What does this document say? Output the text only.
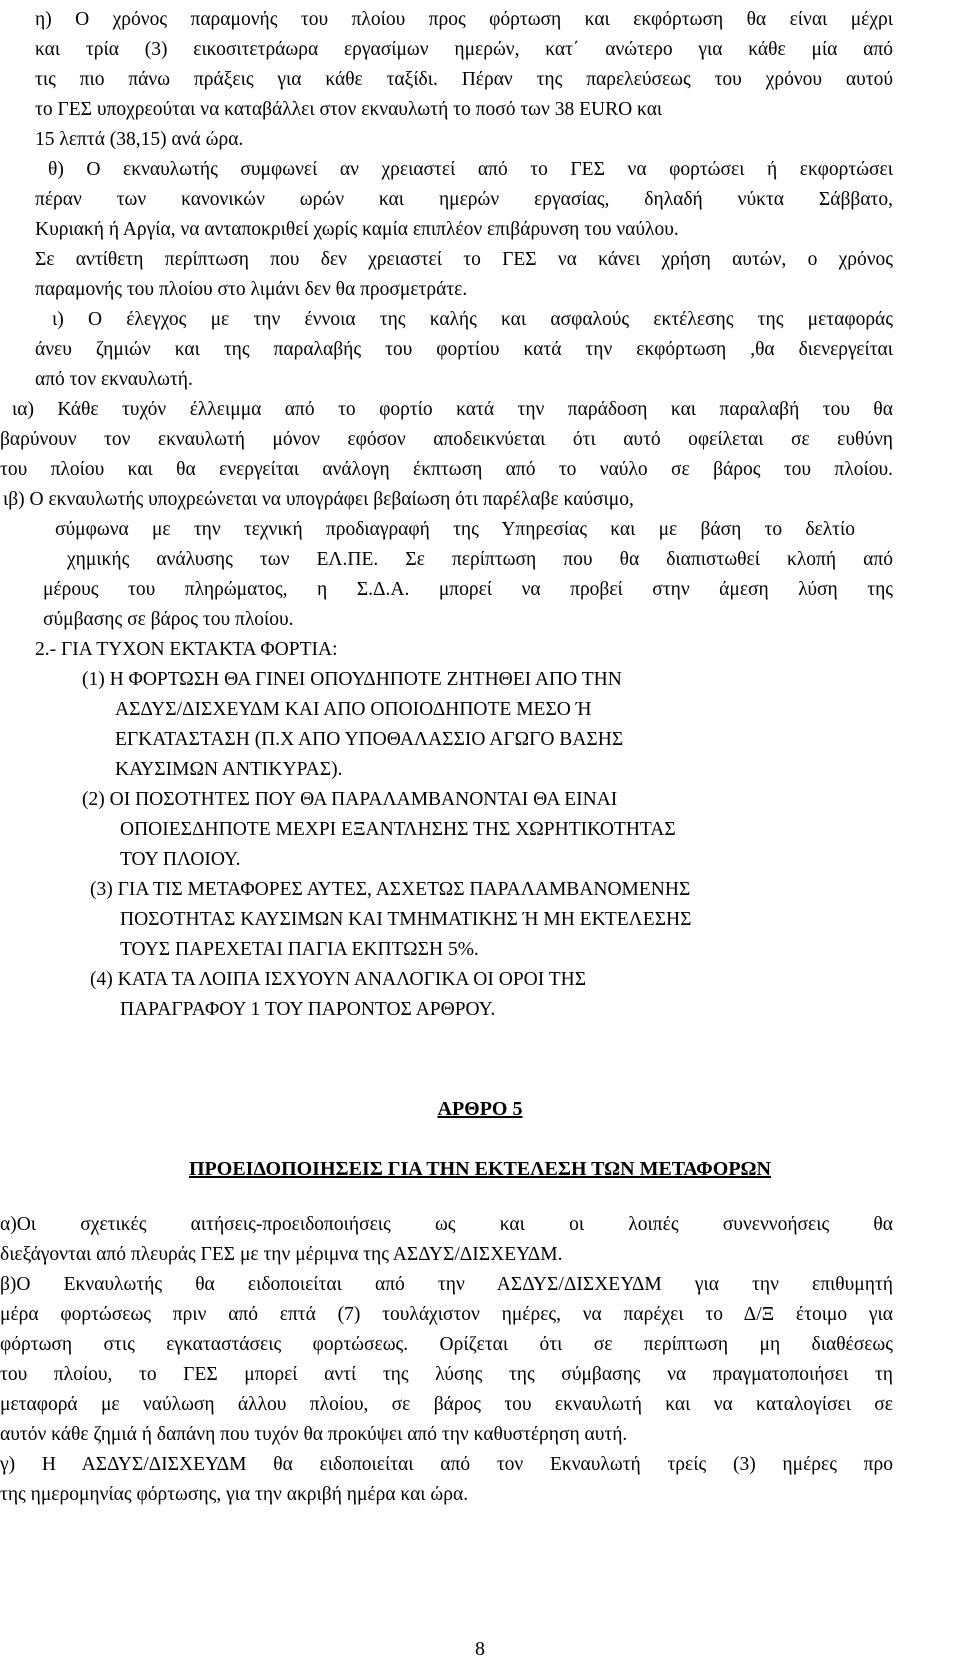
η) Ο χρόνος παραμονής του πλοίου προς φόρτωση και εκφόρτωση θα είναι μέχρι
και τρία (3) εικοσιτετράωρα εργασίμων ημερών, κατ΄ ανώτερο για κάθε μία από
τις πιο πάνω πράξεις για κάθε ταξίδι. Πέραν της παρελεύσεως του χρόνου αυτού
το ΓΕΣ υποχρεούται να καταβάλλει στον εκναυλωτή το ποσό των 38 EURO και
15 λεπτά (38,15) ανά ώρα.
θ) Ο εκναυλωτής συμφωνεί αν χρειαστεί από το ΓΕΣ να φορτώσει ή εκφορτώσει
πέραν των κανονικών ωρών και ημερών εργασίας, δηλαδή νύκτα Σάββατο,
Κυριακή ή Αργία, να ανταποκριθεί χωρίς καμία επιπλέον επιβάρυνση του ναύλου.
Σε αντίθετη περίπτωση που δεν χρειαστεί το ΓΕΣ να κάνει χρήση αυτών, ο χρόνος
παραμονής του πλοίου στο λιμάνι δεν θα προσμετράτε.
ι) Ο έλεγχος με την έννοια της καλής και ασφαλούς εκτέλεσης της μεταφοράς
άνευ ζημιών και της παραλαβής του φορτίου κατά την εκφόρτωση ,θα διενεργείται
από τον εκναυλωτή.
ια) Κάθε τυχόν έλλειμμα από το φορτίο κατά την παράδοση και παραλαβή του θα
βαρύνουν τον εκναυλωτή μόνον εφόσον αποδεικνύεται ότι αυτό οφείλεται σε ευθύνη
του πλοίου και θα ενεργείται ανάλογη έκπτωση από το ναύλο σε βάρος του πλοίου.
ιβ) Ο εκναυλωτής υποχρεώνεται να υπογράφει βεβαίωση ότι παρέλαβε καύσιμο,
σύμφωνα με την τεχνική προδιαγραφή της Υπηρεσίας και με βάση το δελτίο
χημικής ανάλυσης των ΕΛ.ΠΕ. Σε περίπτωση που θα διαπιστωθεί κλοπή από
μέρους του πληρώματος, η Σ.Δ.Α. μπορεί να προβεί στην άμεση λύση της
σύμβασης σε βάρος του πλοίου.
2.- ΓΙΑ ΤΥΧΟΝ ΕΚΤΑΚΤΑ ΦΟΡΤΙΑ:
(1) Η ΦΟΡΤΩΣΗ ΘΑ ΓΙΝΕΙ ΟΠΟΥΔΗΠΟΤΕ ΖΗΤΗΘΕΙ ΑΠΟ ΤΗΝ
ΑΣΔΥΣ/ΔΙΣΧΕΥΔΜ ΚΑΙ ΑΠΟ ΟΠΟΙΟΔΗΠΟΤΕ ΜΕΣΟ Ή
ΕΓΚΑΤΑΣΤΑΣΗ (Π.Χ ΑΠΟ ΥΠΟΘΑΛΑΣΣΙΟ ΑΓΩΓΟ ΒΑΣΗΣ
ΚΑΥΣΙΜΩΝ ΑΝΤΙΚΥΡΑΣ).
(2) ΟΙ ΠΟΣΟΤΗΤΕΣ ΠΟΥ ΘΑ ΠΑΡΑΛΑΜΒΑΝΟΝΤΑΙ ΘΑ ΕΙΝΑΙ
ΟΠΟΙΕΣΔΗΠΟΤΕ ΜΕΧΡΙ ΕΞΑΝΤΛΗΣΗΣ ΤΗΣ ΧΩΡΗΤΙΚΟΤΗΤΑΣ
ΤΟΥ ΠΛΟΙΟΥ.
(3) ΓΙΑ ΤΙΣ ΜΕΤΑΦΟΡΕΣ ΑΥΤΕΣ, ΑΣΧΕΤΩΣ ΠΑΡΑΛΑΜΒΑΝΟΜΕΝΗΣ
ΠΟΣΟΤΗΤΑΣ ΚΑΥΣΙΜΩΝ ΚΑΙ ΤΜΗΜΑΤΙΚΗΣ Ή ΜΗ ΕΚΤΕΛΕΣΗΣ
ΤΟΥΣ ΠΑΡΕΧΕΤΑΙ ΠΑΓΙΑ ΕΚΠΤΩΣΗ 5%.
(4) ΚΑΤΑ ΤΑ ΛΟΙΠΑ ΙΣΧΥΟΥΝ ΑΝΑΛΟΓΙΚΑ ΟΙ ΟΡΟΙ ΤΗΣ
ΠΑΡΑΓΡΑΦΟΥ 1 ΤΟΥ ΠΑΡΟΝΤΟΣ ΑΡΘΡΟΥ.
ΑΡΘΡΟ 5
ΠΡΟΕΙΔΟΠΟΙΗΣΕΙΣ ΓΙΑ ΤΗΝ ΕΚΤΕΛΕΣΗ ΤΩΝ ΜΕΤΑΦΟΡΩΝ
α)Οι σχετικές αιτήσεις-προειδοποιήσεις ως και οι λοιπές συνεννοήσεις θα
διεξάγονται από πλευράς ΓΕΣ με την μέριμνα της ΑΣΔΥΣ/ΔΙΣΧΕΥΔΜ.
β)Ο Εκναυλωτής θα ειδοποιείται από την ΑΣΔΥΣ/ΔΙΣΧΕΥΔΜ για την επιθυμητή
μέρα φορτώσεως πριν από επτά (7) τουλάχιστον ημέρες, να παρέχει το Δ/Ξ έτοιμο για
φόρτωση στις εγκαταστάσεις φορτώσεως. Ορίζεται ότι σε περίπτωση μη διαθέσεως
του πλοίου, το ΓΕΣ μπορεί αντί της λύσης της σύμβασης να πραγματοποιήσει τη
μεταφορά με ναύλωση άλλου πλοίου, σε βάρος του εκναυλωτή και να καταλογίσει σε
αυτόν κάθε ζημιά ή δαπάνη που τυχόν θα προκύψει από την καθυστέρηση αυτή.
γ) Η ΑΣΔΥΣ/ΔΙΣΧΕΥΔΜ θα ειδοποιείται από τον Εκναυλωτή τρείς (3) ημέρες προ
της ημερομηνίας φόρτωσης, για την ακριβή ημέρα και ώρα.
8
